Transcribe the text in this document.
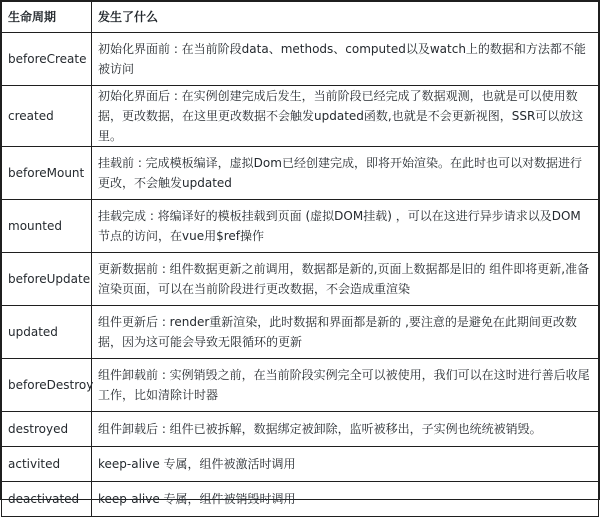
生命周期	发生了什么
beforeCreate	初始化界面前 : 在当前阶段data、methods、computed以及watch上的数据和方法都不能被访问
created	初始化界面后 : 在实例创建完成后发生，当前阶段已经完成了数据观测，也就是可以使用数据，更改数据，在这里更改数据不会触发updated函数,也就是不会更新视图，SSR可以放这里。
beforeMount	挂载前 : 完成模板编译，虚拟Dom已经创建完成，即将开始渲染。在此时也可以对数据进行更改，不会触发updated
mounted	挂载完成 : 将编译好的模板挂载到页面 (虚拟DOM挂载) ，可以在这进行异步请求以及DOM节点的访问，在vue用$ref操作
beforeUpdate	更新数据前 : 组件数据更新之前调用，数据都是新的,页面上数据都是旧的 组件即将更新,准备渲染页面，可以在当前阶段进行更改数据，不会造成重渲染
updated	组件更新后 : render重新渲染，此时数据和界面都是新的 ,要注意的是避免在此期间更改数据，因为这可能会导致无限循环的更新
beforeDestroy	组件卸载前 : 实例销毁之前，在当前阶段实例完全可以被使用，我们可以在这时进行善后收尾工作，比如清除计时器
destroyed	组件卸载后 : 组件已被拆解，数据绑定被卸除，监听被移出，子实例也统统被销毁。
activited	keep-alive 专属，组件被激活时调用
deactivated	keep-alive 专属，组件被销毁时调用
